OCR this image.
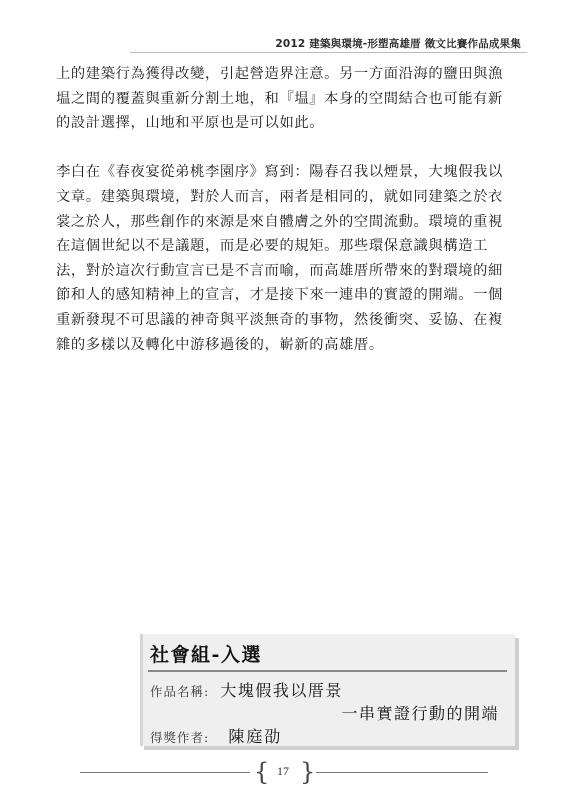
2012 建築與環境-形塑高雄厝 徵文比賽作品成果集

上的建築行為獲得改變，引起營造界注意。另一方面沿海的鹽田與漁塭之間的覆蓋與重新分割土地，和『塭』本身的空間結合也可能有新的設計選擇，山地和平原也是可以如此。

李白在《春夜宴從弟桃李園序》寫到：陽春召我以煙景，大塊假我以文章。建築與環境，對於人而言，兩者是相同的，就如同建築之於衣裳之於人，那些創作的來源是來自體膚之外的空間流動。環境的重視在這個世紀以不是議題，而是必要的規矩。那些環保意識與構造工法，對於這次行動宣言已是不言而喻，而高雄厝所帶來的對環境的細節和人的感知精神上的宣言，才是接下來一連串的實證的開端。一個重新發現不可思議的神奇與平淡無奇的事物，然後衝突、妥協、在複雜的多樣以及轉化中游移過後的，嶄新的高雄厝。

社會組-入選
作品名稱: 大塊假我以厝景
一串實證行動的開端
得獎作者: 陳庭劭
{ 17 }
